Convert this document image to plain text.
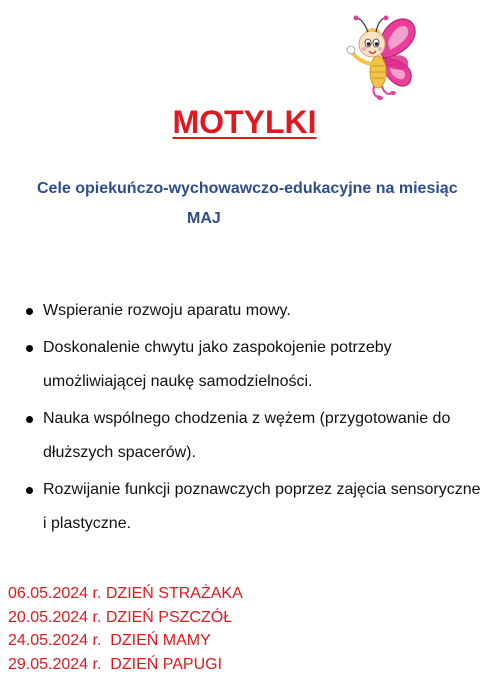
MOTYLKI

Cele opiekuńczo-wychowawczo-edukacyjne na miesiąc

MAJ

Wspieranie rozwoju aparatu mowy.
Doskonalenie chwytu jako zaspokojenie potrzeby umożliwiającej naukę samodzielności.
Nauka wspólnego chodzenia z wężem (przygotowanie do dłuższych spacerów).
Rozwijanie funkcji poznawczych poprzez zajęcia sensoryczne i plastyczne.
06.05.2024 r. DZIEŃ STRAŻAKA
20.05.2024 r. DZIEŃ PSZCZÓŁ
24.05.2024 r.  DZIEŃ MAMY
29.05.2024 r.  DZIEŃ PAPUGI
